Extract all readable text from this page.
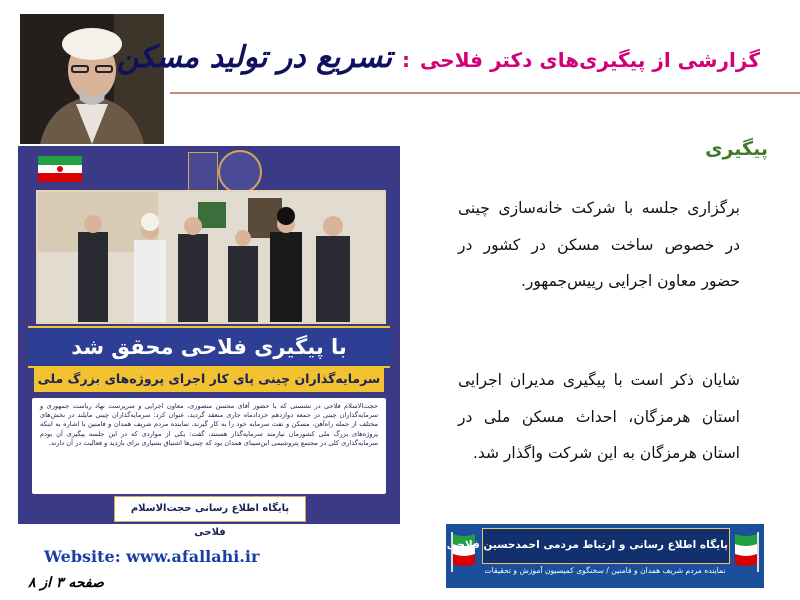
گزارشی از پیگیری‌های دکتر فلاحی:تسریع در تولید مسکن
پیگیری
برگزاری جلسه با شرکت خانه‌سازی چینی در خصوص ساخت مسکن در کشور در حضور معاون اجرایی رییس‌جمهور.
شایان ذکر است با پیگیری مدیران اجرایی استان هرمزگان، احداث مسکن ملی در استان هرمزگان به این شرکت واگذار شد.
با پیگیری فلاحی محقق شد
سرمایه‌گذاران چینی پای کار اجرای پروژه‌های بزرگ ملی
حجت‌الاسلام فلاحی در نشستی که با حضور آقای محسن منصوری، معاون اجرایی و سرپرست نهاد ریاست جمهوری و سرمایه‌گذاران چینی در جمعه دوازدهم خردادماه جاری منعقد گردید، عنوان کرد: سرمایه‌گذاران چینی مایلند در بخش‌های مختلف از جمله راه‌آهن، مسکن و نفت سرمایه خود را به کار گیرند. نماینده مردم شریف همدان و فامنین با اشاره به اینکه پروژه‌های بزرگ ملی کشورمان نیازمند سرمایه‌گذار هستند، گفت: یکی از مواردی که در این جلسه پیگیری آن بودم سرمایه‌گذاری کلی در مجتمع پتروشیمی ابن‌سینای همدان بود که چینی‌ها اشتیاق بسیاری برای بازدید و فعالیت در آن دارند.
پایگاه اطلاع رسانی حجت‌الاسلام فلاحی
Website: www.afallahi.ir
صفحه ۳ از ۸
پایگاه اطلاع رسانی و ارتباط مردمی احمدحسین فلاحی
نماینده مردم شریف همدان و فامنین / سخنگوی کمیسیون آموزش و تحقیقات
